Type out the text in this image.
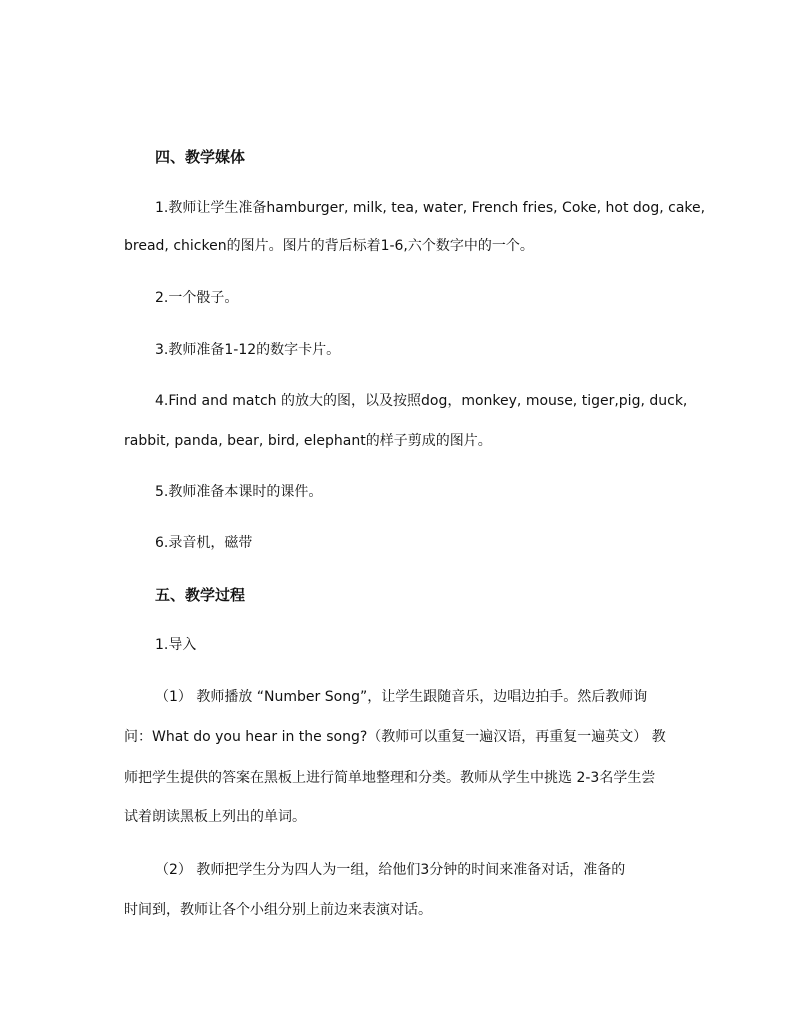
四、教学媒体

1.教师让学生准备hamburger, milk, tea, water, French fries, Coke, hot dog, cake,

bread, chicken的图片。图片的背后标着1-6,六个数字中的一个。

2.一个骰子。

3.教师准备1-12的数字卡片。

4.Find and match 的放大的图，以及按照dog，monkey, mouse, tiger,pig, duck,

rabbit, panda, bear, bird, elephant的样子剪成的图片。

5.教师准备本课时的课件。

6.录音机，磁带

五、教学过程

1.导入

（1） 教师播放 “Number Song”，让学生跟随音乐，边唱边拍手。然后教师询

问：What do you hear in the song?（教师可以重复一遍汉语，再重复一遍英文） 教

师把学生提供的答案在黑板上进行简单地整理和分类。教师从学生中挑选 2-3名学生尝

试着朗读黑板上列出的单词。

（2） 教师把学生分为四人为一组，给他们3分钟的时间来准备对话，准备的

时间到，教师让各个小组分别上前边来表演对话。
